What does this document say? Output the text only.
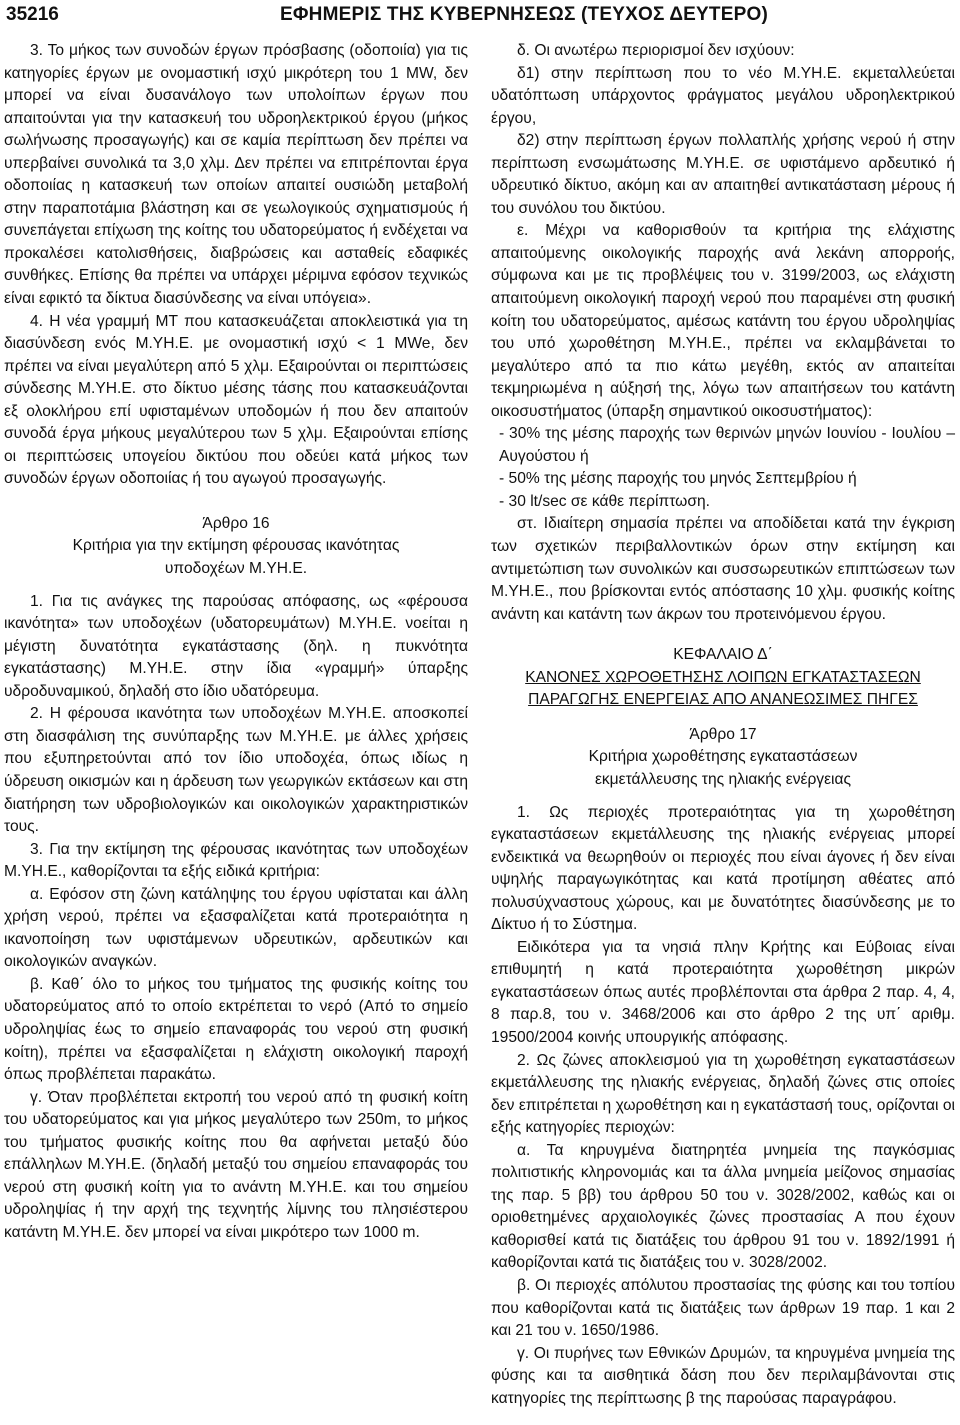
35216	ΕΦΗΜΕΡΙΣ ΤΗΣ ΚΥΒΕΡΝΗΣΕΩΣ (ΤΕΥΧΟΣ ΔΕΥΤΕΡΟ)

3. Το μήκος των συνοδών έργων πρόσβασης (οδοποιία) για τις κατηγορίες έργων με ονομαστική ισχύ μικρότερη του 1 MW, δεν μπορεί να είναι δυσανάλογο των υπολοίπων έργων που απαιτούνται για την κατασκευή του υδροηλεκτρικού έργου (μήκος σωλήνωσης προσαγωγής) και σε καμία περίπτωση δεν πρέπει να υπερβαίνει συνολικά τα 3,0 χλμ. Δεν πρέπει να επιτρέπονται έργα οδοποιίας η κατασκευή των οποίων απαιτεί ουσιώδη μεταβολή στην παραποτάμια βλάστηση και σε γεωλογικούς σχηματισμούς ή συνεπάγεται επίχωση της κοίτης του υδατορεύματος ή ενδέχεται να προκαλέσει κατολισθήσεις, διαβρώσεις και ασταθείς εδαφικές συνθήκες. Επίσης θα πρέπει να υπάρχει μέριμνα εφόσον τεχνικώς είναι εφικτό τα δίκτυα διασύνδεσης να είναι υπόγεια».

4. Η νέα γραμμή ΜΤ που κατασκευάζεται αποκλειστικά για τη διασύνδεση ενός Μ.ΥΗ.Ε. με ονομαστική ισχύ < 1 MWe, δεν πρέπει να είναι μεγαλύτερη από 5 χλμ. Εξαιρούνται οι περιπτώσεις σύνδεσης Μ.ΥΗ.Ε. στο δίκτυο μέσης τάσης που κατασκευάζονται εξ ολοκλήρου επί υφισταμένων υποδομών ή που δεν απαιτούν συνοδά έργα μήκους μεγαλύτερου των 5 χλμ. Εξαιρούνται επίσης οι περιπτώσεις υπογείου δικτύου που οδεύει κατά μήκος των συνοδών έργων οδοποιίας ή του αγωγού προσαγωγής.

Άρθρο 16

Κριτήρια για την εκτίμηση φέρουσας ικανότητας

υποδοχέων Μ.ΥΗ.Ε.

1. Για τις ανάγκες της παρούσας απόφασης, ως «φέρουσα ικανότητα» των υποδοχέων (υδατορευμάτων) Μ.ΥΗ.Ε. νοείται η μέγιστη δυνατότητα εγκατάστασης (δηλ. η πυκνότητα εγκατάστασης) Μ.ΥΗ.Ε. στην ίδια «γραμμή» ύπαρξης υδροδυναμικού, δηλαδή στο ίδιο υδατόρευμα.

2. Η φέρουσα ικανότητα των υποδοχέων Μ.ΥΗ.Ε. αποσκοπεί στη διασφάλιση της συνύπαρξης των Μ.ΥΗ.Ε. με άλλες χρήσεις που εξυπηρετούνται από τον ίδιο υποδοχέα, όπως ιδίως η ύδρευση οικισμών και η άρδευση των γεωργικών εκτάσεων και στη διατήρηση των υδροβιολογικών και οικολογικών χαρακτηριστικών τους.

3. Για την εκτίμηση της φέρουσας ικανότητας των υποδοχέων Μ.ΥΗ.Ε., καθορίζονται τα εξής ειδικά κριτήρια:

α. Εφόσον στη ζώνη κατάληψης του έργου υφίσταται και άλλη χρήση νερού, πρέπει να εξασφαλίζεται κατά προτεραιότητα η ικανοποίηση των υφιστάμενων υδρευτικών, αρδευτικών και οικολογικών αναγκών.

β. Καθ΄ όλο το μήκος του τμήματος της φυσικής κοίτης του υδατορεύματος από το οποίο εκτρέπεται το νερό (Από το σημείο υδροληψίας έως το σημείο επαναφοράς του νερού στη φυσική κοίτη), πρέπει να εξασφαλίζεται η ελάχιστη οικολογική παροχή όπως προβλέπεται παρακάτω.

γ. Όταν προβλέπεται εκτροπή του νερού από τη φυσική κοίτη του υδατορεύματος και για μήκος μεγαλύτερο των 250m, το μήκος του τμήματος φυσικής κοίτης που θα αφήνεται μεταξύ δύο επάλληλων Μ.ΥΗ.Ε. (δηλαδή μεταξύ του σημείου επαναφοράς του νερού στη φυσική κοίτη για το ανάντη Μ.ΥΗ.Ε. και του σημείου υδροληψίας ή την αρχή της τεχνητής λίμνης του πλησιέστερου κατάντη Μ.ΥΗ.Ε. δεν μπορεί να είναι μικρότερο των 1000 m.

δ. Οι ανωτέρω περιορισμοί δεν ισχύουν:

δ1) στην περίπτωση που το νέο Μ.ΥΗ.Ε. εκμεταλλεύεται υδατόπτωση υπάρχοντος φράγματος μεγάλου υδροηλεκτρικού έργου,

δ2) στην περίπτωση έργων πολλαπλής χρήσης νερού ή στην περίπτωση ενσωμάτωσης Μ.ΥΗ.Ε. σε υφιστάμενο αρδευτικό ή υδρευτικό δίκτυο, ακόμη και αν απαιτηθεί αντικατάσταση μέρους ή του συνόλου του δικτύου.

ε. Μέχρι να καθορισθούν τα κριτήρια της ελάχιστης απαιτούμενης οικολογικής παροχής ανά λεκάνη απορροής, σύμφωνα και με τις προβλέψεις του ν. 3199/2003, ως ελάχιστη απαιτούμενη οικολογική παροχή νερού που παραμένει στη φυσική κοίτη του υδατορεύματος, αμέσως κατάντη του έργου υδροληψίας του υπό χωροθέτηση Μ.ΥΗ.Ε., πρέπει να εκλαμβάνεται το μεγαλύτερο από τα πιο κάτω μεγέθη, εκτός αν απαιτείται τεκμηριωμένα η αύξησή της, λόγω των απαιτήσεων του κατάντη οικοσυστήματος (ύπαρξη σημαντικού οικοσυστήματος):

- 30% της μέσης παροχής των θερινών μηνών Ιουνίου - Ιουλίου – Αυγούστου ή

- 50% της μέσης παροχής του μηνός Σεπτεμβρίου ή

- 30 lt/sec σε κάθε περίπτωση.

στ. Ιδιαίτερη σημασία πρέπει να αποδίδεται κατά την έγκριση των σχετικών περιβαλλοντικών όρων στην εκτίμηση και αντιμετώπιση των συνολικών και συσσωρευτικών επιπτώσεων των Μ.ΥΗ.Ε., που βρίσκονται εντός απόστασης 10 χλμ. φυσικής κοίτης ανάντη και κατάντη των άκρων του προτεινόμενου έργου.

ΚΕΦΑΛΑΙΟ Δ΄

ΚΑΝΟΝΕΣ ΧΩΡΟΘΕΤΗΣΗΣ ΛΟΙΠΩΝ ΕΓΚΑΤΑΣΤΑΣΕΩΝ

ΠΑΡΑΓΩΓΗΣ ΕΝΕΡΓΕΙΑΣ ΑΠΟ ΑΝΑΝΕΩΣΙΜΕΣ ΠΗΓΕΣ

Άρθρο 17

Κριτήρια χωροθέτησης εγκαταστάσεων

εκμετάλλευσης της ηλιακής ενέργειας

1. Ως περιοχές προτεραιότητας για τη χωροθέτηση εγκαταστάσεων εκμετάλλευσης της ηλιακής ενέργειας μπορεί ενδεικτικά να θεωρηθούν οι περιοχές που είναι άγονες ή δεν είναι υψηλής παραγωγικότητας και κατά προτίμηση αθέατες από πολυσύχναστους χώρους, και με δυνατότητες διασύνδεσης με το Δίκτυο ή το Σύστημα.

Ειδικότερα για τα νησιά πλην Κρήτης και Εύβοιας είναι επιθυμητή η κατά προτεραιότητα χωροθέτηση μικρών εγκαταστάσεων όπως αυτές προβλέπονται στα άρθρα 2 παρ. 4, 4, 8 παρ.8, του ν. 3468/2006 και στο άρθρο 2 της υπ΄ αριθμ. 19500/2004 κοινής υπουργικής απόφασης.

2. Ως ζώνες αποκλεισμού για τη χωροθέτηση εγκαταστάσεων εκμετάλλευσης της ηλιακής ενέργειας, δηλαδή ζώνες στις οποίες δεν επιτρέπεται η χωροθέτηση και η εγκατάστασή τους, ορίζονται οι εξής κατηγορίες περιοχών:

α. Τα κηρυγμένα διατηρητέα μνημεία της παγκόσμιας πολιτιστικής κληρονομιάς και τα άλλα μνημεία μείζονος σημασίας της παρ. 5 ββ) του άρθρου 50 του ν. 3028/2002, καθώς και οι οριοθετημένες αρχαιολογικές ζώνες προστασίας Α που έχουν καθορισθεί κατά τις διατάξεις του άρθρου 91 του ν. 1892/1991 ή καθορίζονται κατά τις διατάξεις του ν. 3028/2002.

β. Οι περιοχές απόλυτου προστασίας της φύσης και του τοπίου που καθορίζονται κατά τις διατάξεις των άρθρων 19 παρ. 1 και 2 και 21 του ν. 1650/1986.

γ. Οι πυρήνες των Εθνικών Δρυμών, τα κηρυγμένα μνημεία της φύσης και τα αισθητικά δάση που δεν περιλαμβάνονται στις κατηγορίες της περίπτωσης β της παρούσας παραγράφου.
